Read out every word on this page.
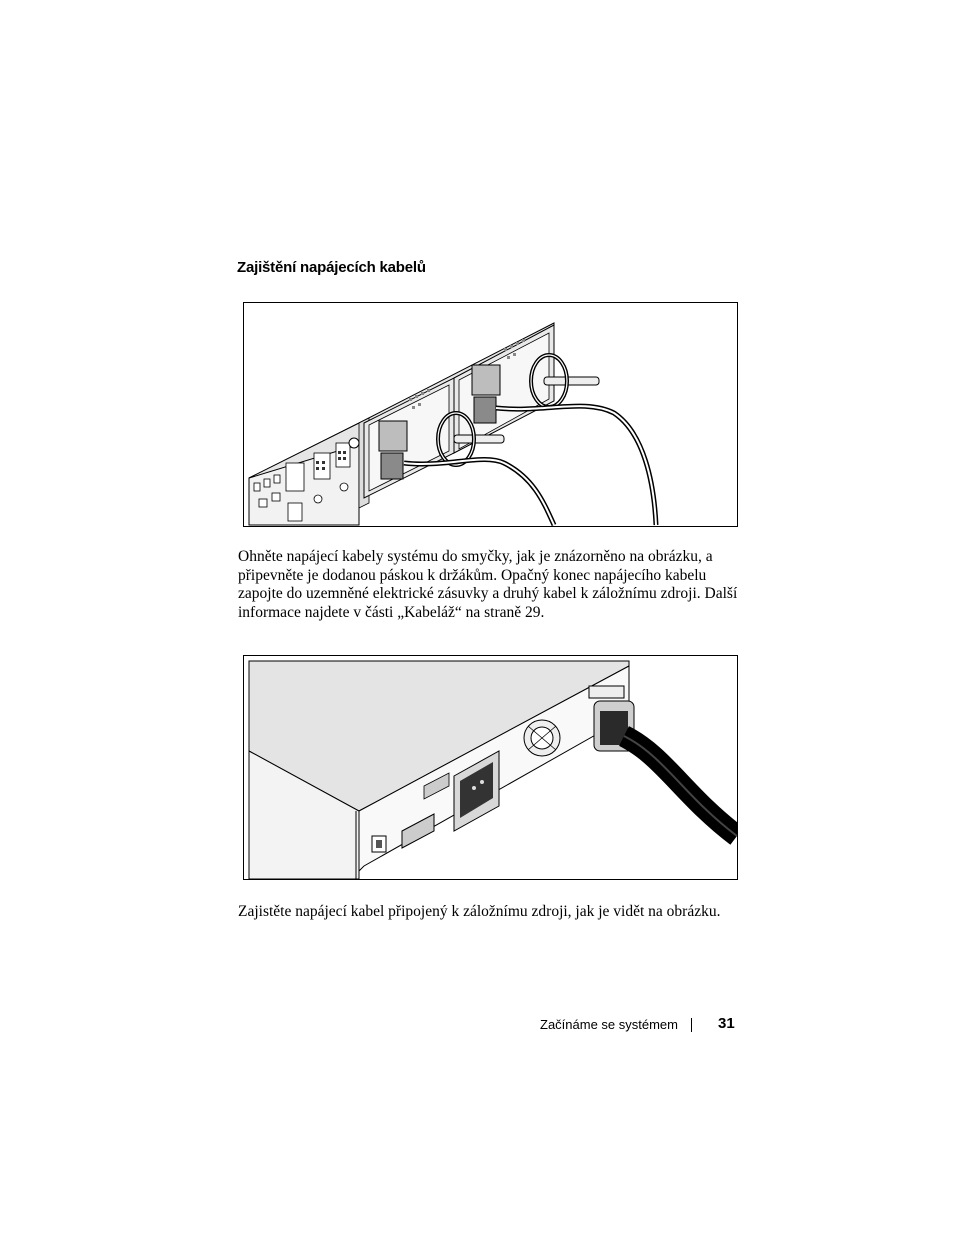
Zajištění napájecích kabelů
Ohněte napájecí kabely systému do smyčky, jak je znázorněno na obrázku, a
připevněte je dodanou páskou k držákům. Opačný konec napájecího kabelu
zapojte do uzemněné elektrické zásuvky a druhý kabel k záložnímu zdroji. Další
informace najdete v části „Kabeláž“ na straně 29.
Zajistěte napájecí kabel připojený k záložnímu zdroji, jak je vidět na obrázku.
Začínáme se systémem	31
